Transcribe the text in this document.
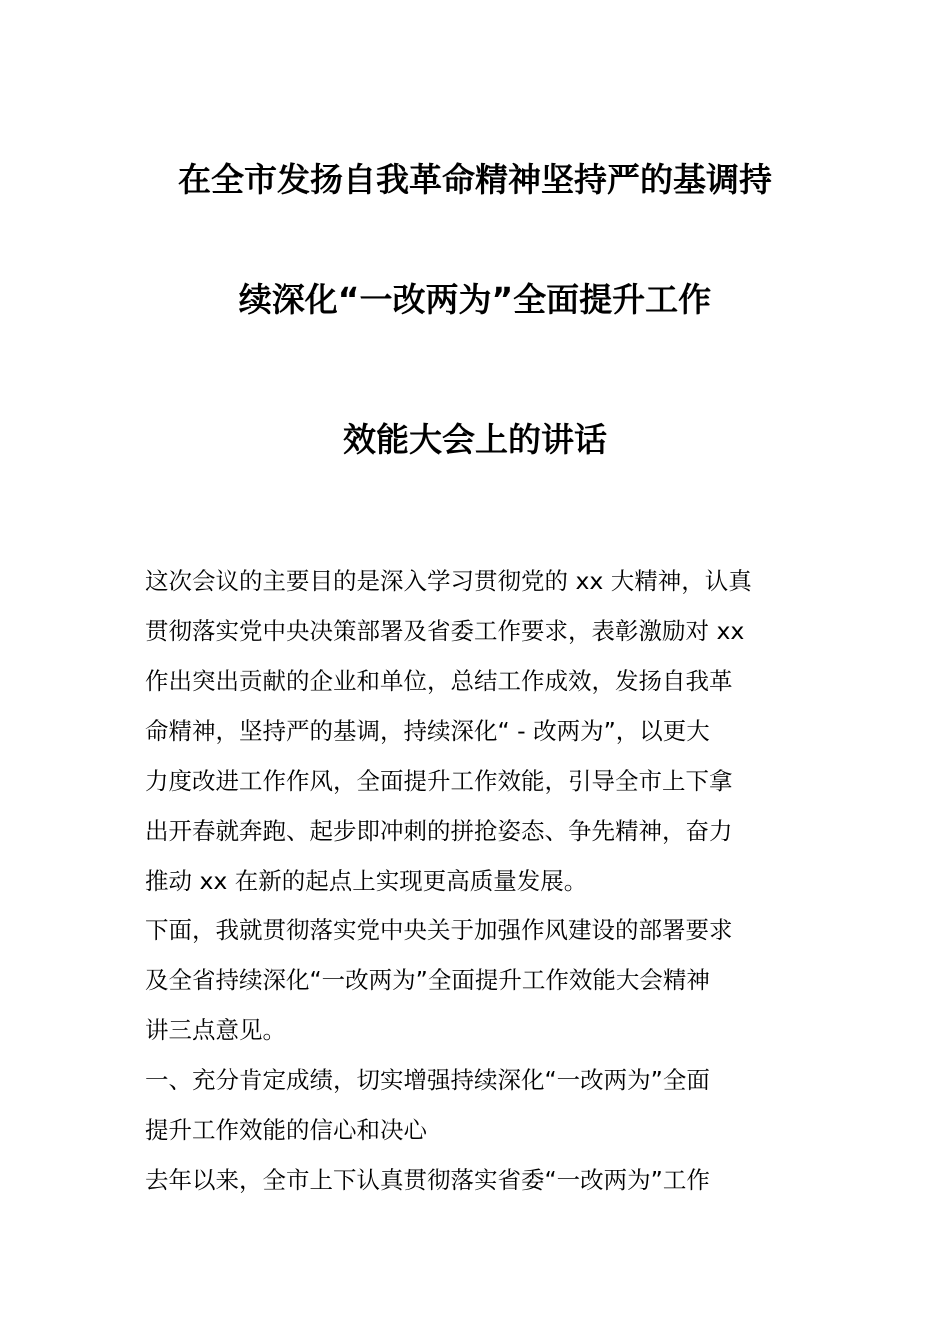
在全市发扬自我革命精神坚持严的基调持
续深化“一改两为”全面提升工作
效能大会上的讲话
这次会议的主要目的是深入学习贯彻党的 xx 大精神，认真
贯彻落实党中央决策部署及省委工作要求，表彰激励对 xx
作出突出贡献的企业和单位，总结工作成效，发扬自我革
命精神，坚持严的基调，持续深化“ - 改两为”，以更大
力度改进工作作风，全面提升工作效能，引导全市上下拿
出开春就奔跑、起步即冲刺的拼抢姿态、争先精神，奋力
推动 xx 在新的起点上实现更高质量发展。
下面，我就贯彻落实党中央关于加强作风建设的部署要求
及全省持续深化“一改两为”全面提升工作效能大会精神
讲三点意见。
一、充分肯定成绩，切实增强持续深化“一改两为”全面
提升工作效能的信心和决心
去年以来，全市上下认真贯彻落实省委“一改两为”工作
